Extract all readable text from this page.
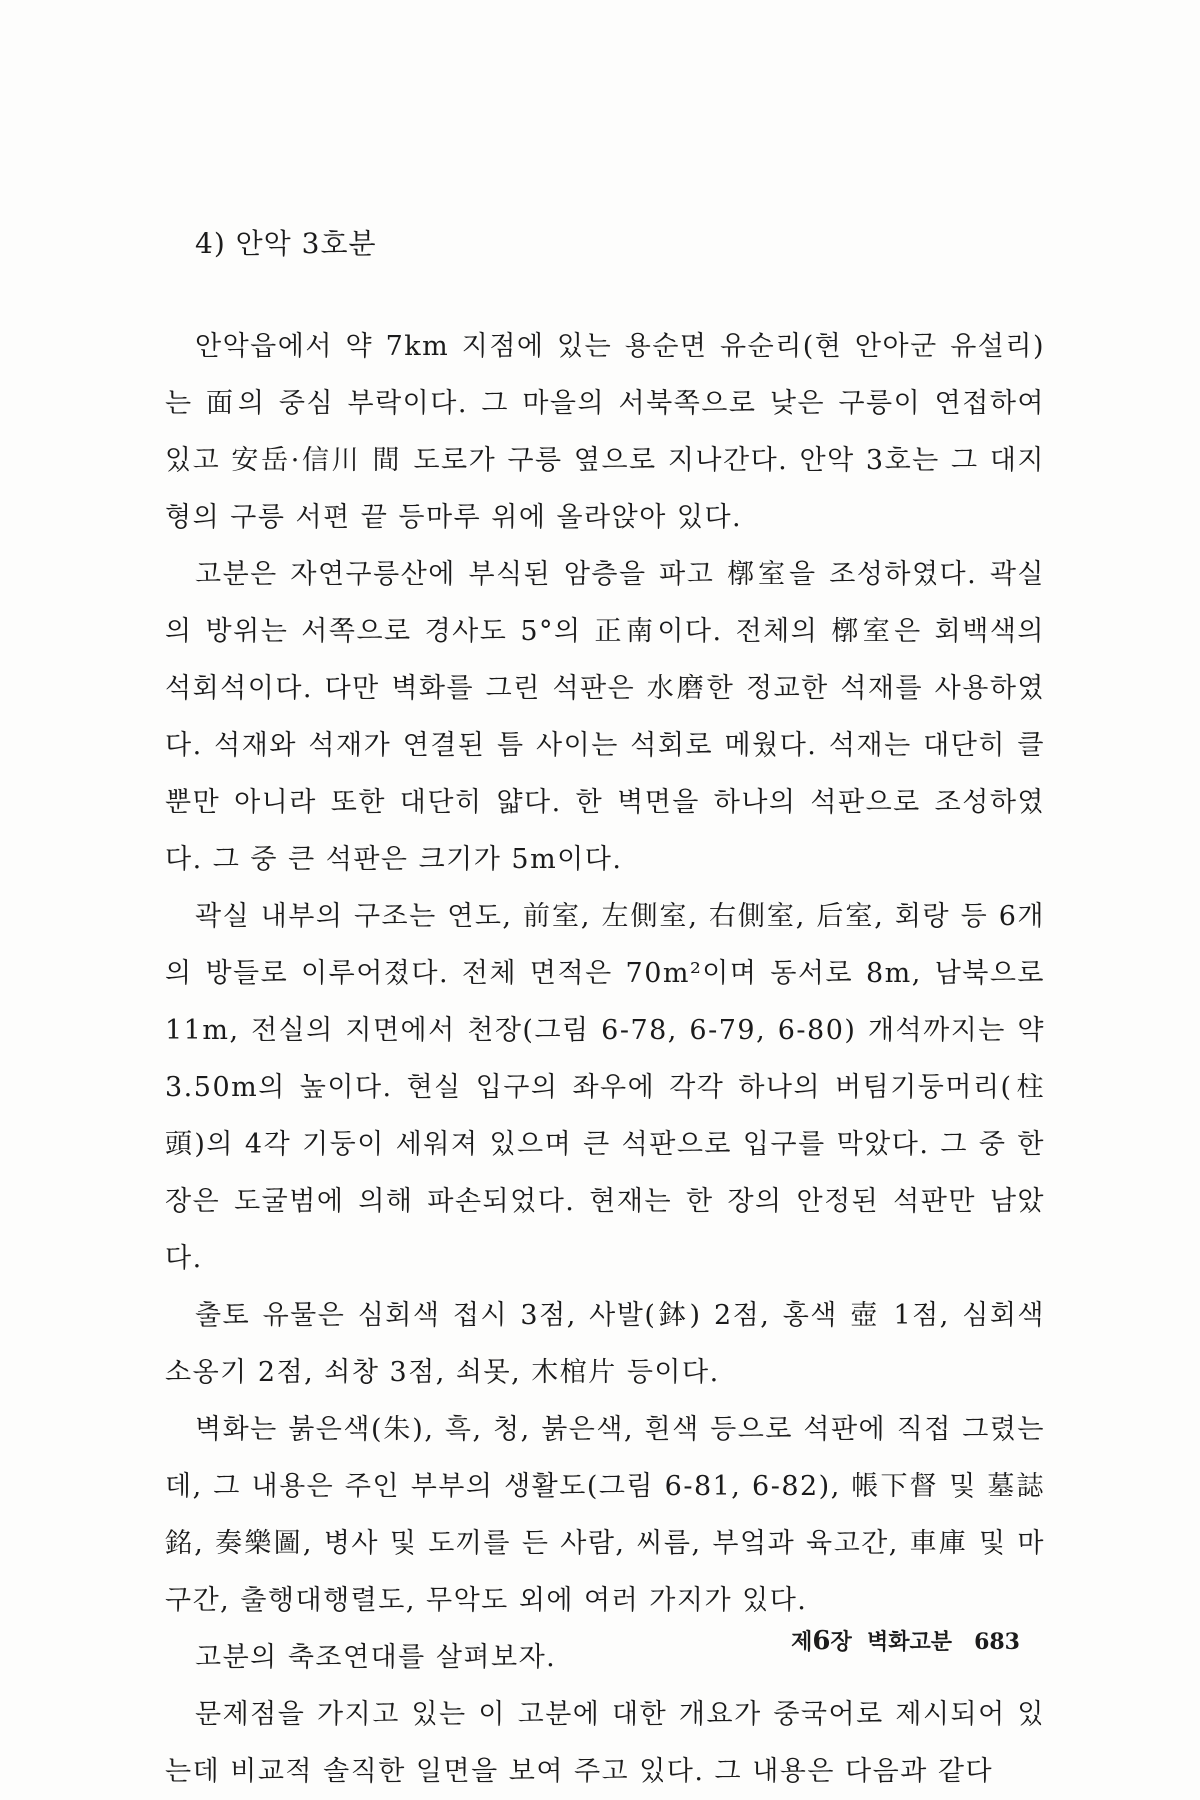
4) 안악 3호분

안악읍에서 약 7km 지점에 있는 용순면 유순리(현 안아군 유설리)는 面의 중심 부락이다. 그 마을의 서북쪽으로 낮은 구릉이 연접하여 있고 安岳·信川 間 도로가 구릉 옆으로 지나간다. 안악 3호는 그 대지형의 구릉 서편 끝 등마루 위에 올라앉아 있다.

고분은 자연구릉산에 부식된 암층을 파고 槨室을 조성하였다. 곽실의 방위는 서쪽으로 경사도 5°의 正南이다. 전체의 槨室은 회백색의 석회석이다. 다만 벽화를 그린 석판은 水磨한 정교한 석재를 사용하였다. 석재와 석재가 연결된 틈 사이는 석회로 메웠다. 석재는 대단히 클 뿐만 아니라 또한 대단히 얇다. 한 벽면을 하나의 석판으로 조성하였다. 그 중 큰 석판은 크기가 5m이다.

곽실 내부의 구조는 연도, 前室, 左側室, 右側室, 后室, 회랑 등 6개의 방들로 이루어졌다. 전체 면적은 70m²이며 동서로 8m, 남북으로 11m, 전실의 지면에서 천장(그림 6-78, 6-79, 6-80) 개석까지는 약 3.50m의 높이다. 현실 입구의 좌우에 각각 하나의 버팀기둥머리(柱頭)의 4각 기둥이 세워져 있으며 큰 석판으로 입구를 막았다. 그 중 한 장은 도굴범에 의해 파손되었다. 현재는 한 장의 안정된 석판만 남았다.

출토 유물은 심회색 접시 3점, 사발(鉢) 2점, 홍색 壺 1점, 심회색 소옹기 2점, 쇠창 3점, 쇠못, 木棺片 등이다.

벽화는 붉은색(朱), 흑, 청, 붉은색, 흰색 등으로 석판에 직접 그렸는데, 그 내용은 주인 부부의 생활도(그림 6-81, 6-82), 帳下督 및 墓誌銘, 奏樂圖, 병사 및 도끼를 든 사람, 씨름, 부엌과 육고간, 車庫 및 마구간, 출행대행렬도, 무악도 외에 여러 가지가 있다.

고분의 축조연대를 살펴보자.

문제점을 가지고 있는 이 고분에 대한 개요가 중국어로 제시되어 있는데 비교적 솔직한 일면을 보여 주고 있다. 그 내용은 다음과 같다

제6장 벽화고분 683
